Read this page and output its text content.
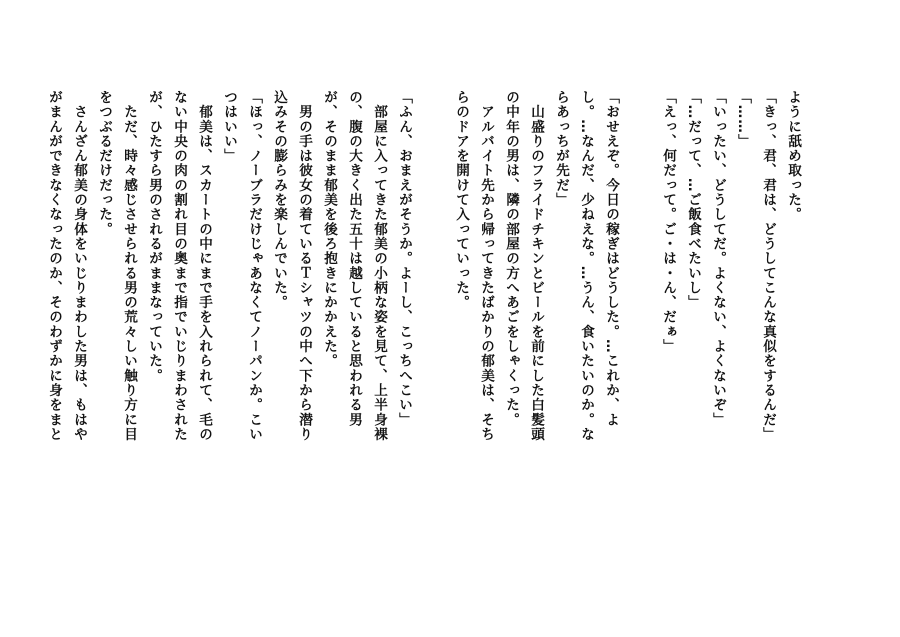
ように舐め取った。
「きっ、君、君は、どうしてこんな真似をするんだ」
「……」
「いったい、どうしてだ。よくない、よくないぞ」
「…だって、…ご飯食べたいし」
「えっ、何だって。ご・は・ん、だぁ」
「おせえぞ。今日の稼ぎはどうした。…これか、よ
し。…なんだ、少ねえな。…うん、食いたいのか。な
らあっちが先だ」
　山盛りのフライドチキンとビールを前にした白髪頭
の中年の男は、隣の部屋の方へあごをしゃくった。
　アルバイト先から帰ってきたばかりの郁美は、そち
らのドアを開けて入っていった。
「ふん、おまえがそうか。よーし、こっちへこい」
　部屋に入ってきた郁美の小柄な姿を見て、上半身裸
の、腹の大きく出た五十は越していると思われる男
が、そのまま郁美を後ろ抱きにかかえた。
　男の手は彼女の着ているＴシャツの中へ下から潜り
込みその膨らみを楽しんでいた。
「ほっ、ノーブラだけじゃあなくてノーパンか。こい
つはいい」
　郁美は、スカートの中にまで手を入れられて、毛の
ない中央の肉の割れ目の奥まで指でいじりまわされた
が、ひたすら男のされるがままなっていた。
　ただ、時々感じさせられる男の荒々しい触り方に目
をつぶるだけだった。
　さんざん郁美の身体をいじりまわした男は、もはや
がまんができなくなったのか、そのわずかに身をまと
